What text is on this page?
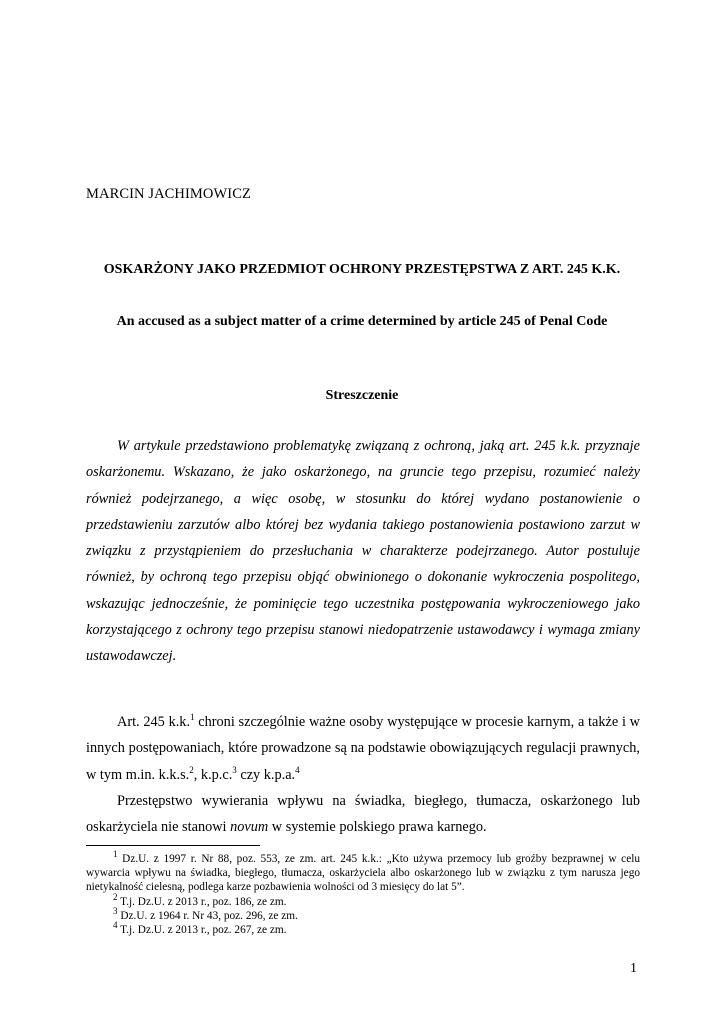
MARCIN JACHIMOWICZ
OSKARŻONY JAKO PRZEDMIOT OCHRONY PRZESTĘPSTWA Z ART. 245 K.K.
An accused as a subject matter of a crime determined by article 245 of Penal Code
Streszczenie

W artykule przedstawiono problematykę związaną z ochroną, jaką art. 245 k.k. przyznaje oskarżonemu. Wskazano, że jako oskarżonego, na gruncie tego przepisu, rozumieć należy również podejrzanego, a więc osobę, w stosunku do której wydano postanowienie o przedstawieniu zarzutów albo której bez wydania takiego postanowienia postawiono zarzut w związku z przystąpieniem do przesłuchania w charakterze podejrzanego. Autor postuluje również, by ochroną tego przepisu objąć obwinionego o dokonanie wykroczenia pospolitego, wskazując jednocześnie, że pominięcie tego uczestnika postępowania wykroczeniowego jako korzystającego z ochrony tego przepisu stanowi niedopatrzenie ustawodawcy i wymaga zmiany ustawodawczej.

Art. 245 k.k.$^1$ chroni szczególnie ważne osoby występujące w procesie karnym, a także i w innych postępowaniach, które prowadzone są na podstawie obowiązujących regulacji prawnych, w tym m.in. k.k.s.$^2$, k.p.c.$^3$ czy k.p.a.$^4$

Przestępstwo wywierania wpływu na świadka, biegłego, tłumacza, oskarżonego lub oskarżyciela nie stanowi novum w systemie polskiego prawa karnego.

$^1$ Dz.U. z 1997 r. Nr 88, poz. 553, ze zm. art. 245 k.k.: „Kto używa przemocy lub groźby bezprawnej w celu wywarcia wpływu na świadka, biegłego, tłumacza, oskarżyciela albo oskarżonego lub w związku z tym narusza jego nietykalność cielesną, podlega karze pozbawienia wolności od 3 miesięcy do lat 5”.

$^2$ T.j. Dz.U. z 2013 r., poz. 186, ze zm.

$^3$ Dz.U. z 1964 r. Nr 43, poz. 296, ze zm.

$^4$ T.j. Dz.U. z 2013 r., poz. 267, ze zm.

1
